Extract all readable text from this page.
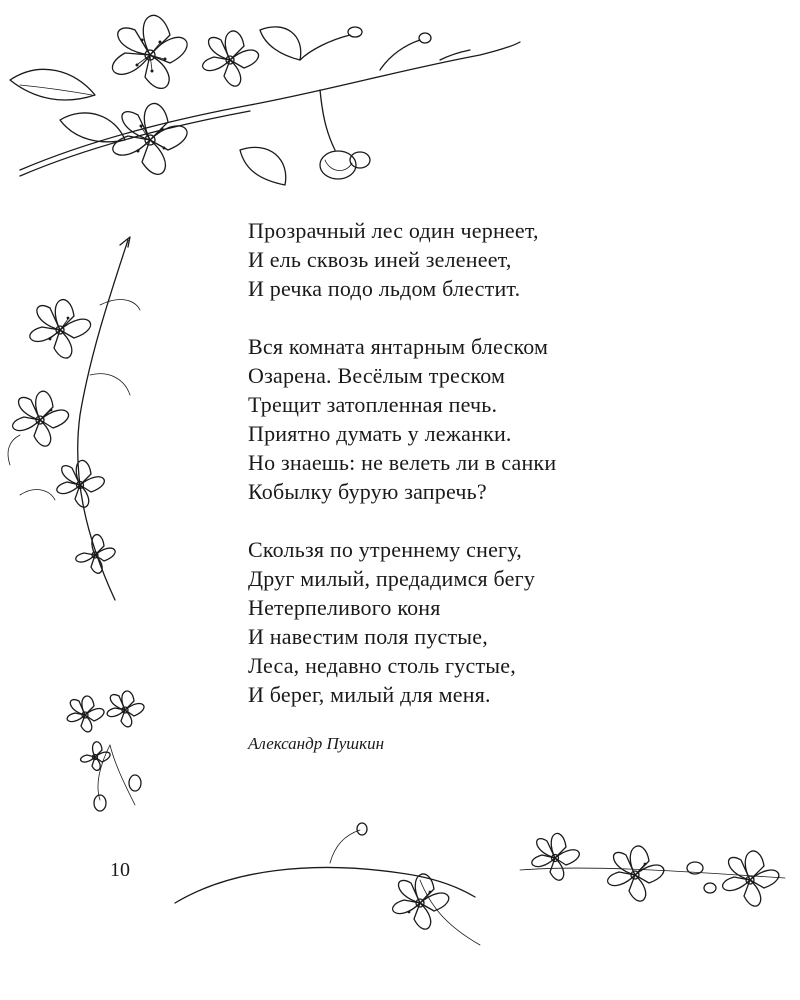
Прозрачный лес один чернеет,
И ель сквозь иней зеленеет,
И речка подо льдом блестит.
Вся комната янтарным блеском
Озарена. Весёлым треском
Трещит затопленная печь.
Приятно думать у лежанки.
Но знаешь: не велеть ли в санки
Кобылку бурую запречь?
Скользя по утреннему снегу,
Друг милый, предадимся бегу
Нетерпеливого коня
И навестим поля пустые,
Леса, недавно столь густые,
И берег, милый для меня.
Александр Пушкин
10
